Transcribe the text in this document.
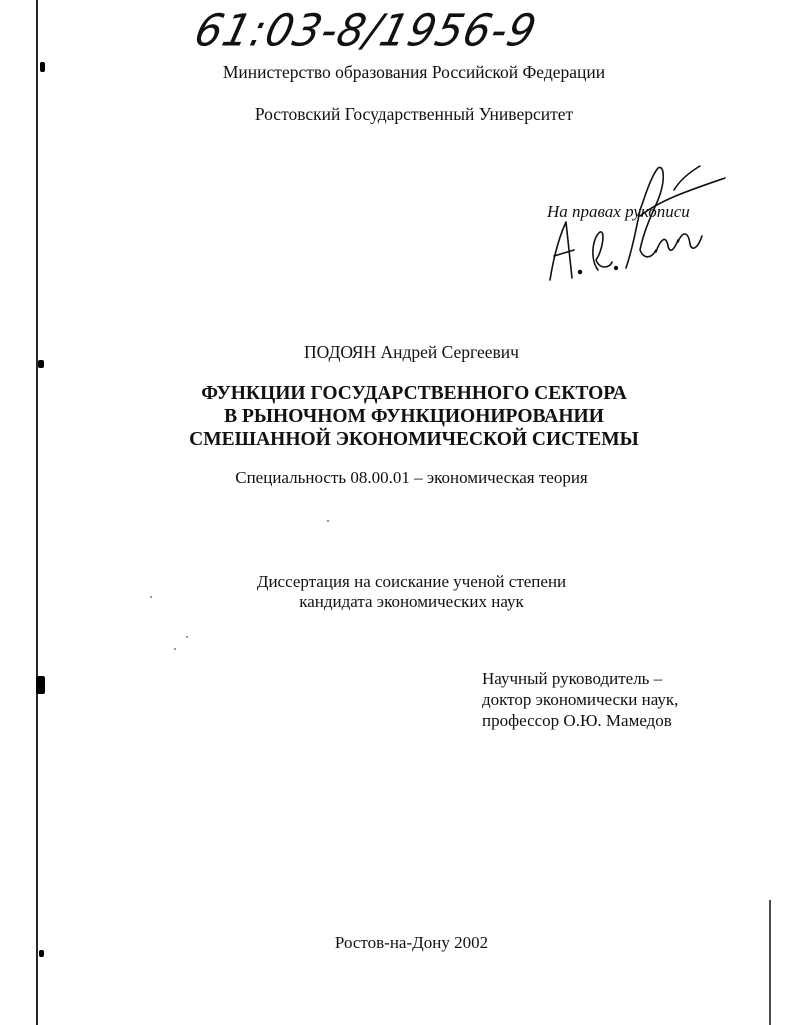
61:03-8/1956-9
Министерство образования Российской Федерации
Ростовский Государственный Университет
На правах рукописи
ПОДОЯН Андрей Сергеевич
ФУНКЦИИ ГОСУДАРСТВЕННОГО СЕКТОРА
В РЫНОЧНОМ ФУНКЦИОНИРОВАНИИ
СМЕШАННОЙ ЭКОНОМИЧЕСКОЙ СИСТЕМЫ
Специальность 08.00.01 – экономическая теория
Диссертация на соискание ученой степени
кандидата экономических наук
Научный руководитель –
доктор экономически наук,
профессор О.Ю. Мамедов
Ростов-на-Дону 2002
